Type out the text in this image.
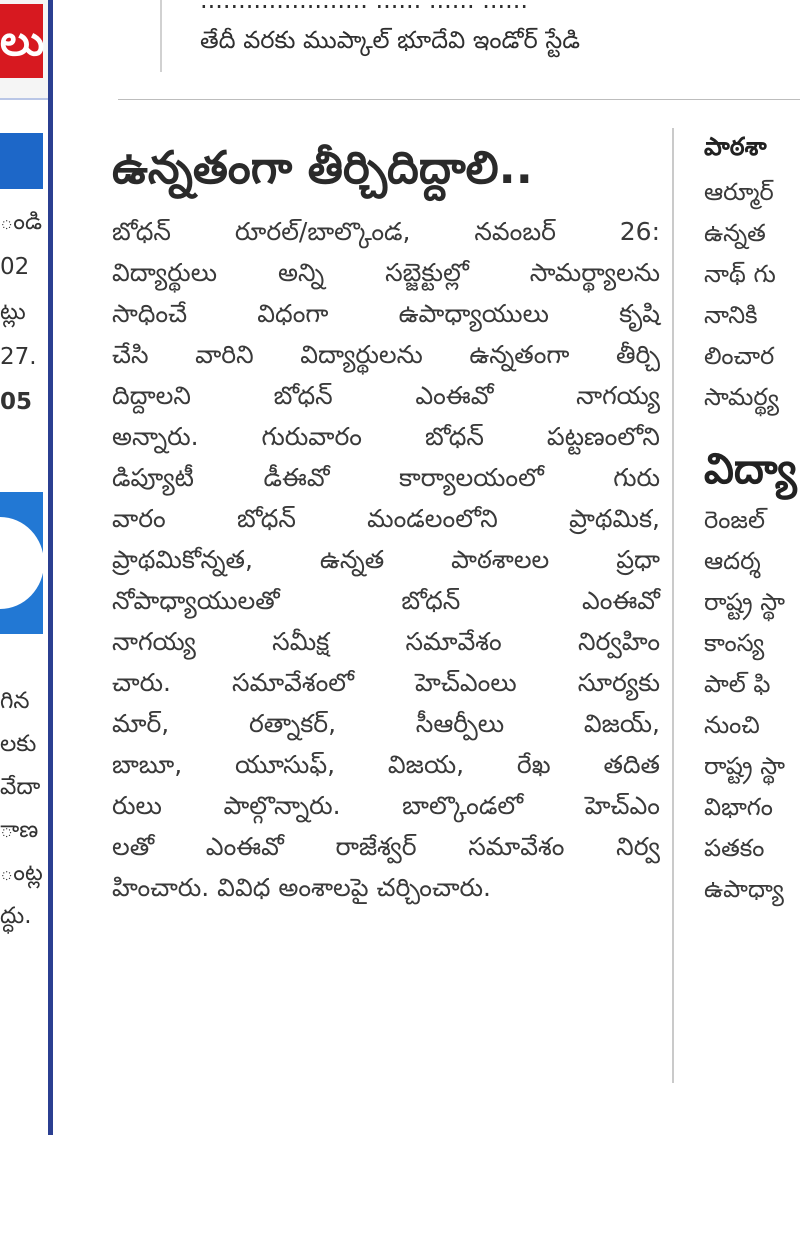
లు
ండి
02
ట్లు
27.
05
గిన
లకు
వేదా
ాణ
ంట్ల
ద్ధు.
...................... ...... ...... ......
తేదీ వరకు ముప్కాల్ భూదేవి ఇండోర్ స్టేడి
ఉన్నతంగా తీర్చిదిద్దాలి..
బోధన్ రూరల్/బాల్కొండ, నవంబర్ 26:
విద్యార్థులు అన్ని సబ్జెక్టుల్లో సామర్థ్యాలను
సాధించే విధంగా ఉపాధ్యాయులు కృషి
చేసి వారిని విద్యార్థులను ఉన్నతంగా తీర్చి
దిద్దాలని బోధన్ ఎంఈవో నాగయ్య
అన్నారు. గురువారం బోధన్ పట్టణంలోని
డిప్యూటీ డీఈవో కార్యాలయంలో గురు
వారం బోధన్ మండలంలోని ప్రాథమిక,
ప్రాథమికోన్నత, ఉన్నత పాఠశాలల ప్రధా
నోపాధ్యాయులతో బోధన్ ఎంఈవో
నాగయ్య సమీక్ష సమావేశం నిర్వహిం
చారు. సమావేశంలో హెచ్ఎంలు సూర్యకు
మార్, రత్నాకర్, సీఆర్పీలు విజయ్,
బాబూ, యూసుఫ్, విజయ, రేఖ తదిత
రులు పాల్గొన్నారు. బాల్కొండలో హెచ్ఎం
లతో ఎంఈవో రాజేశ్వర్ సమావేశం నిర్వ
హించారు. వివిధ అంశాలపై చర్చించారు.
పాఠశా
ఆర్మూర్
ఉన్నత
నాథ్ గు
నానికి
లించార
సామర్థ్య
విద్యా
రెంజల్
ఆదర్శ
రాష్ట్ర స్థా
కాంస్య
పాల్ ఫి
నుంచి
రాష్ట్ర స్థా
విభాగం
పతకం
ఉపాధ్యా
